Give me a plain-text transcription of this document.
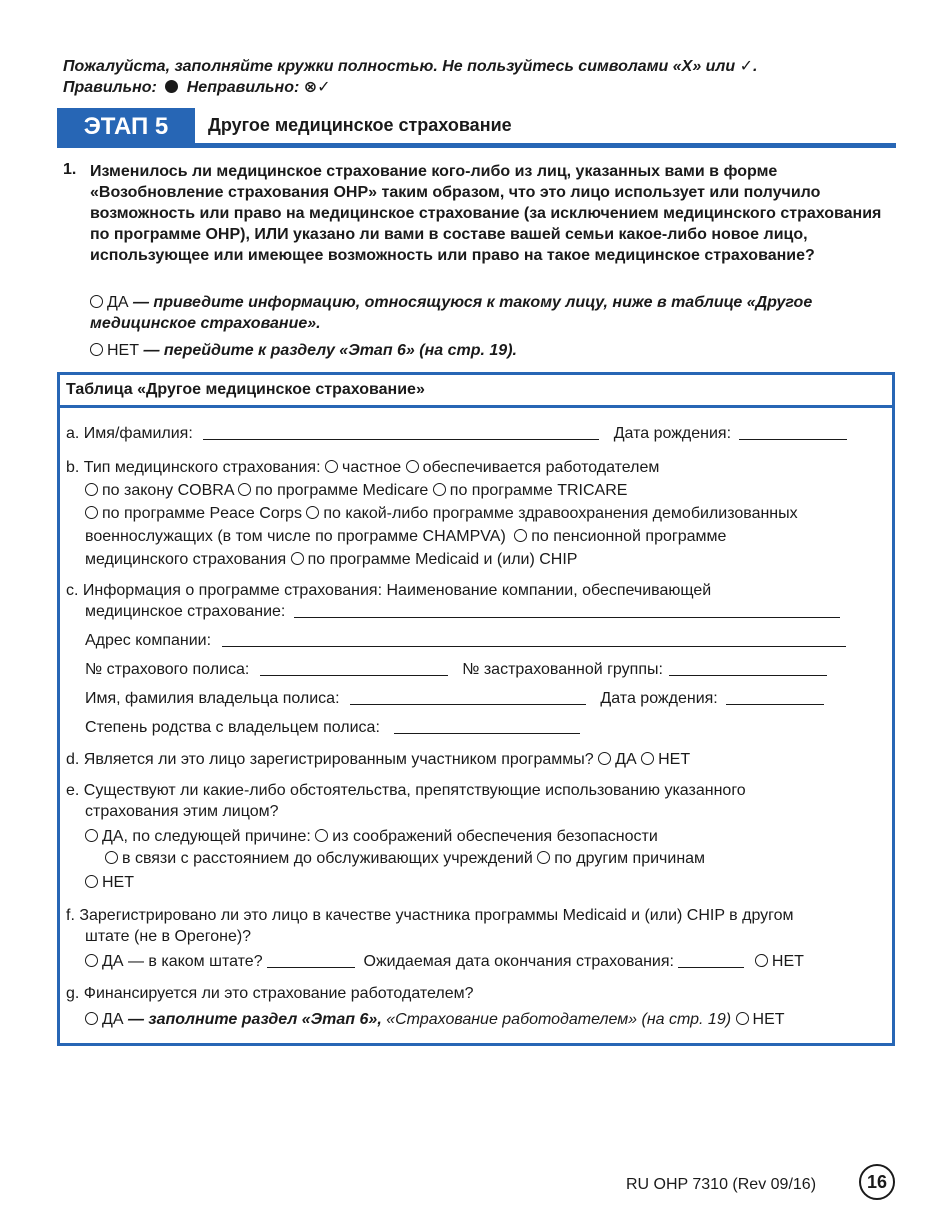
Пожалуйста, заполняйте кружки полностью. Не пользуйтесь символами «X» или ✓.
Правильно: Неправильно: ⊗✓
ЭТАП 5	Другое медицинское страхование
1. Изменилось ли медицинское страхование кого-либо из лиц, указанных вами в форме «Возобновление страхования OHP» таким образом, что это лицо использует или получило возможность или право на медицинское страхование (за исключением медицинского страхования по программе OHP), ИЛИ указано ли вами в составе вашей семьи какое-либо новое лицо, использующее или имеющее возможность или право на такое медицинское страхование?
ДА — приведите информацию, относящуюся к такому лицу, ниже в таблице «Другое медицинское страхование».
НЕТ — перейдите к разделу «Этап 6» (на стр. 19).
Таблица «Другое медицинское страхование»
a. Имя/фамилия:	Дата рождения:
b. Тип медицинского страхования: частное обеспечивается работодателем
по закону COBRA по программе Medicare по программе TRICARE
по программе Peace Corps по какой-либо программе здравоохранения демобилизованных
военнослужащих (в том числе по программе CHAMPVA) по пенсионной программе
медицинского страхования по программе Medicaid и (или) CHIP
c. Информация о программе страхования: Наименование компании, обеспечивающей
медицинское страхование:
Адрес компании:
№ страхового полиса:	№ застрахованной группы:
Имя, фамилия владельца полиса:	Дата рождения:
Степень родства с владельцем полиса:
d. Является ли это лицо зарегистрированным участником программы? ДА НЕТ
e. Существуют ли какие-либо обстоятельства, препятствующие использованию указанного
страхования этим лицом?
ДА, по следующей причине: из соображений обеспечения безопасности
в связи с расстоянием до обслуживающих учреждений по другим причинам
НЕТ
f. Зарегистрировано ли это лицо в качестве участника программы Medicaid и (или) CHIP в другом
штате (не в Орегоне)?
ДА — в каком штате?	Ожидаемая дата окончания страхования:	НЕТ
g. Финансируется ли это страхование работодателем?
ДА — заполните раздел «Этап 6», «Страхование работодателем» (на стр. 19) НЕТ
RU OHP 7310 (Rev 09/16)	16
